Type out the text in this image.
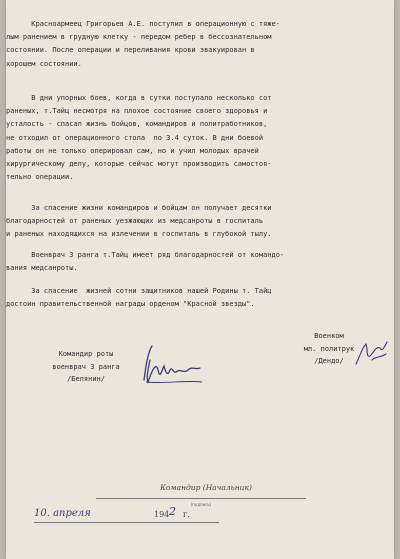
Красноармеец Григорьев А.Е. поступил в операционную с тяже-
лым ранением в грудную клетку - передом ребер в бессознательном
состоянии. После операции и переливания крови эвакуирован в
хорошем состоянии.
В дни упорных боев, когда в сутки поступало несколько сот
раненых, т.Тайц несмотря на плохое состояние своего здоровья и
усталость - спасал жизнь бойцов, командиров и политработников,
не отходил от операционного стола  по 3.4 суток. В дни боевой
работы он не только оперировал сам, но и учил молодых врачей
хирургическому делу, которые сейчас могут производить самостоя-
тельно операции.
За спасение жизни командиров и бойцам он получает десятки
благодарностей от раненых уезжающих из медсанроты в госпиталь
и раненых находящихся на излечении в госпиталь в глубокой тылу.
Военврач 3 ранга т.Тайц имеет ряд благодарностей от командо-
вания медсанроты.
За спасение  жизней сотни защитников нашей Родины т. Тайц
достоин правительственной награды орденом "Красной звезды".
Командир роты
военврач 3 ранга
/Белянин/
Военком
мл. политрук
/Дендо/
Командир (Начальник)
(подпись)
10. апреля	194 2 г.
